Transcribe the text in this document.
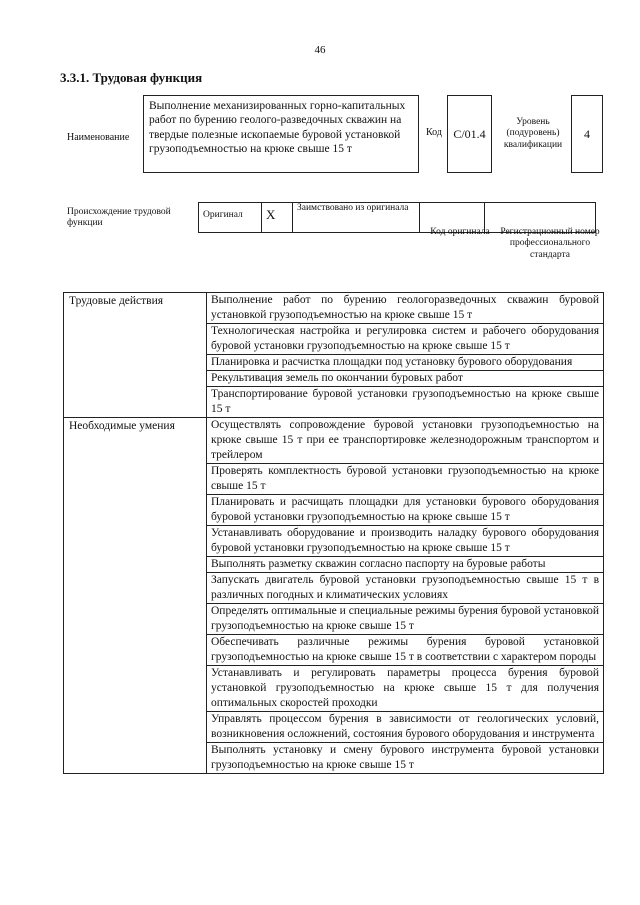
46
3.3.1. Трудовая функция
Наименование
Выполнение механизированных горно-капитальных работ по бурению геолого-разведочных скважин на твердые полезные ископаемые буровой установкой грузоподъемностью на крюке свыше 15 т
Код С/01.4
Уровень (подуровень) квалификации
4
Происхождение трудовой функции
Оригинал	X	Заимствовано из оригинала		
Код оригинала	Регистрационный номер профессионального стандарта
Трудовые действия	Выполнение работ по бурению геологоразведочных скважин буровой установкой грузоподъемностью на крюке свыше 15 т
	Технологическая настройка и регулировка систем и рабочего оборудования буровой установки грузоподъемностью на крюке свыше 15 т
	Планировка и расчистка площадки под установку бурового оборудования
	Рекультивация земель по окончании буровых работ
	Транспортирование буровой установки грузоподъемностью на крюке свыше 15 т
Необходимые умения	Осуществлять сопровождение буровой установки грузоподъемностью на крюке свыше 15 т при ее транспортировке железнодорожным транспортом и трейлером
	Проверять комплектность буровой установки грузоподъемностью на крюке свыше 15 т
	Планировать и расчищать площадки для установки бурового оборудования буровой установки грузоподъемностью на крюке свыше 15 т
	Устанавливать оборудование и производить наладку бурового оборудования буровой установки грузоподъемностью на крюке свыше 15 т
	Выполнять разметку скважин согласно паспорту на буровые работы
	Запускать двигатель буровой установки грузоподъемностью свыше 15 т в различных погодных и климатических условиях
	Определять оптимальные и специальные режимы бурения буровой установкой грузоподъемностью на крюке свыше 15 т
	Обеспечивать различные режимы бурения буровой установкой грузоподъемностью на крюке свыше 15 т в соответствии с характером породы
	Устанавливать и регулировать параметры процесса бурения буровой установкой грузоподъемностью на крюке свыше 15 т для получения оптимальных скоростей проходки
	Управлять процессом бурения в зависимости от геологических условий, возникновения осложнений, состояния бурового оборудования и инструмента
	Выполнять установку и смену бурового инструмента буровой установки грузоподъемностью на крюке свыше 15 т
